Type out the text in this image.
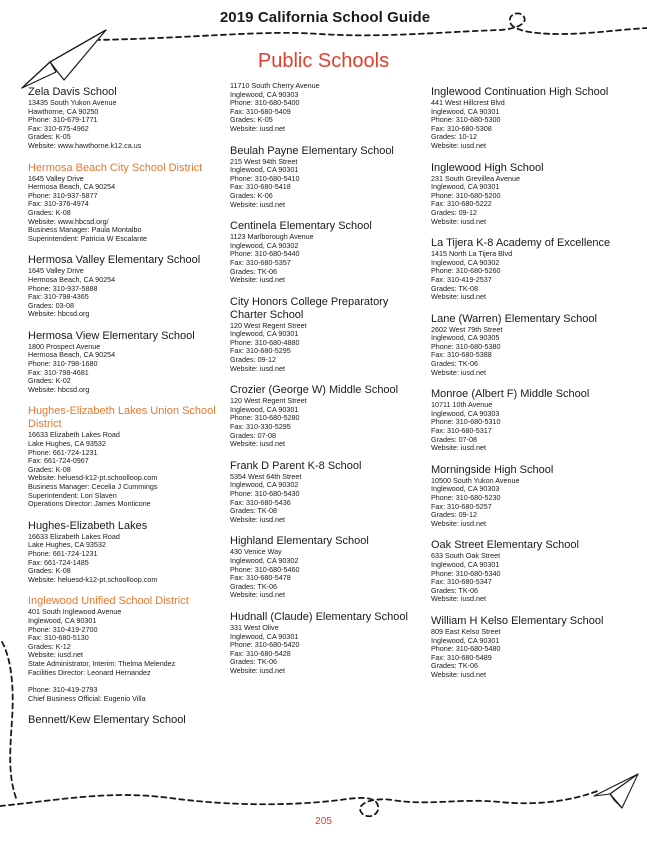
2019 California School Guide
Public Schools
Zela Davis School
13435 South Yukon Avenue
Hawthorne, CA 90250
Phone: 310-679-1771
Fax: 310-675-4962
Grades: K-05
Website: www.hawthorne.k12.ca.us
Hermosa Beach City School District
1645 Valley Drive
Hermosa Beach, CA 90254
Phone: 310-937-5877
Fax: 310-376-4974
Grades: K-08
Website: www.hbcsd.org/
Business Manager: Paula Montalbo
Superintendent: Patricia W Escalante
Hermosa Valley Elementary School
1645 Valley Drive
Hermosa Beach, CA 90254
Phone: 310-937-5888
Fax: 310-798-4365
Grades: 03-08
Website: hbcsd.org
Hermosa View Elementary School
1800 Prospect Avenue
Hermosa Beach, CA 90254
Phone: 310-798-1680
Fax: 310-798-4681
Grades: K-02
Website: hbcsd.org
Hughes-Elizabeth Lakes Union School District
16633 Elizabeth Lakes Road
Lake Hughes, CA 93532
Phone: 661-724-1231
Fax: 661-724-0967
Grades: K-08
Website: heluesd-k12-pt.schoolloop.com
Business Manager: Cecelia J Cummings
Superintendent: Lori Slaven
Operations Director: James Monticone
Hughes-Elizabeth Lakes
16633 Elizabeth Lakes Road
Lake Hughes, CA 93532
Phone: 661-724-1231
Fax: 661-724-1485
Grades: K-08
Website: heluesd-k12-pt.schoolloop.com
Inglewood Unified School District
401 South Inglewood Avenue
Inglewood, CA 90301
Phone: 310-419-2700
Fax: 310-680-5130
Grades: K-12
Website: iusd.net
State Administrator, Interim: Thelma Melendez
Facilities Director: Leonard Hernandez
Phone: 310-419-2793
Chief Business Official: Eugenio Villa
Bennett/Kew Elementary School
11710 South Cherry Avenue
Inglewood, CA 90303
Phone: 310-680-5400
Fax: 310-680-5409
Grades: K-05
Website: iusd.net
Beulah Payne Elementary School
215 West 94th Street
Inglewood, CA 90301
Phone: 310-680-5410
Fax: 310-680-5418
Grades: K-06
Website: iusd.net
Centinela Elementary School
1123 Marlborough Avenue
Inglewood, CA 90302
Phone: 310-680-5440
Fax: 310-680-5357
Grades: TK-06
Website: iusd.net
City Honors College Preparatory Charter School
120 West Regent Street
Inglewood, CA 90301
Phone: 310-680-4880
Fax: 310-680-5295
Grades: 09-12
Website: iusd.net
Crozier (George W) Middle School
120 West Regent Street
Inglewood, CA 90301
Phone: 310-680-5280
Fax: 310-330-5295
Grades: 07-08
Website: iusd.net
Frank D Parent K-8 School
5354 West 64th Street
Inglewood, CA 90302
Phone: 310-680-5430
Fax: 310-680-5436
Grades: TK-08
Website: iusd.net
Highland Elementary School
430 Venice Way
Inglewood, CA 90302
Phone: 310-680-5460
Fax: 310-680-5478
Grades: TK-06
Website: iusd.net
Hudnall (Claude) Elementary School
331 West Olive
Inglewood, CA 90301
Phone: 310-680-5420
Fax: 310-680-5428
Grades: TK-06
Website: iusd.net
Inglewood Continuation High School
441 West Hillcrest Blvd
Inglewood, CA 90301
Phone: 310-680-5300
Fax: 310-680-5308
Grades: 10-12
Website: iusd.net
Inglewood High School
231 South Grevillea Avenue
Inglewood, CA 90301
Phone: 310-680-5200
Fax: 310-680-5222
Grades: 09-12
Website: iusd.net
La Tijera K-8 Academy of Excellence
1415 North La Tijera Blvd
Inglewood, CA 90302
Phone: 310-680-5260
Fax: 310-419-2537
Grades: TK-08
Website: iusd.net
Lane (Warren) Elementary School
2602 West 79th Street
Inglewood, CA 90305
Phone: 310-680-5380
Fax: 310-680-5388
Grades: TK-06
Website: iusd.net
Monroe (Albert F) Middle School
10711 10th Avenue
Inglewood, CA 90303
Phone: 310-680-5310
Fax: 310-680-5317
Grades: 07-08
Website: iusd.net
Morningside High School
10500 South Yukon Avenue
Inglewood, CA 90303
Phone: 310-680-5230
Fax: 310-680-5257
Grades: 09-12
Website: iusd.net
Oak Street Elementary School
633 South Oak Street
Inglewood, CA 90301
Phone: 310-680-5340
Fax: 310-680-5347
Grades: TK-06
Website: iusd.net
William H Kelso Elementary School
809 East Kelso Street
Inglewood, CA 90301
Phone: 310-680-5480
Fax: 310-680-5489
Grades: TK-06
Website: iusd.net
205
